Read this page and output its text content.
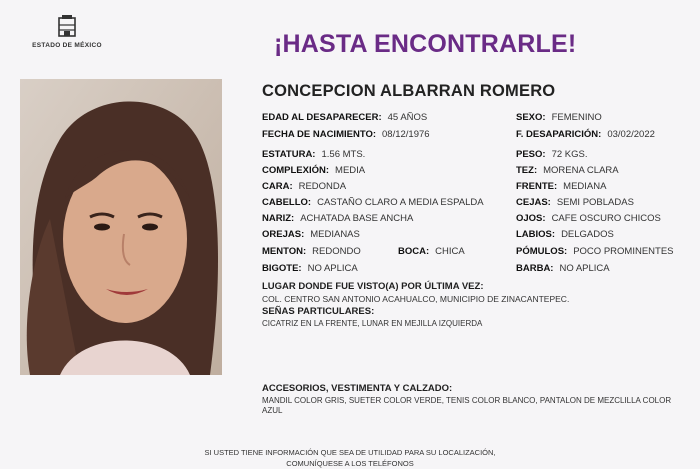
ESTADO DE MÉXICO	¡HASTA ENCONTRARLE!
CONCEPCION ALBARRAN ROMERO
EDAD AL DESAPARECER: 45 AÑOS	SEXO: FEMENINO
FECHA DE NACIMIENTO: 08/12/1976	F. DESAPARICIÓN: 03/02/2022
ESTATURA: 1.56 MTS.	PESO: 72 KGS.
COMPLEXIÓN: MEDIA	TEZ: MORENA CLARA
CARA: REDONDA	FRENTE: MEDIANA
CABELLO: CASTAÑO CLARO A MEDIA ESPALDA	CEJAS: SEMI POBLADAS
NARIZ: ACHATADA BASE ANCHA	OJOS: CAFE OSCURO CHICOS
OREJAS: MEDIANAS	LABIOS: DELGADOS
MENTON: REDONDO	BOCA: CHICA	PÓMULOS: POCO PROMINENTES
BIGOTE: NO APLICA	BARBA: NO APLICA
LUGAR DONDE FUE VISTO(A) POR ÚLTIMA VEZ:
COL. CENTRO SAN ANTONIO ACAHUALCO, MUNICIPIO DE ZINACANTEPEC.
SEÑAS PARTICULARES:
CICATRIZ EN LA FRENTE, LUNAR EN MEJILLA IZQUIERDA
ACCESORIOS, VESTIMENTA Y CALZADO:
MANDIL COLOR GRIS, SUETER COLOR VERDE, TENIS COLOR BLANCO, PANTALON DE MEZCLILLA COLOR AZUL
SI USTED TIENE INFORMACIÓN QUE SEA DE UTILIDAD PARA SU LOCALIZACIÓN,
COMUNÍQUESE A LOS TELÉFONOS
